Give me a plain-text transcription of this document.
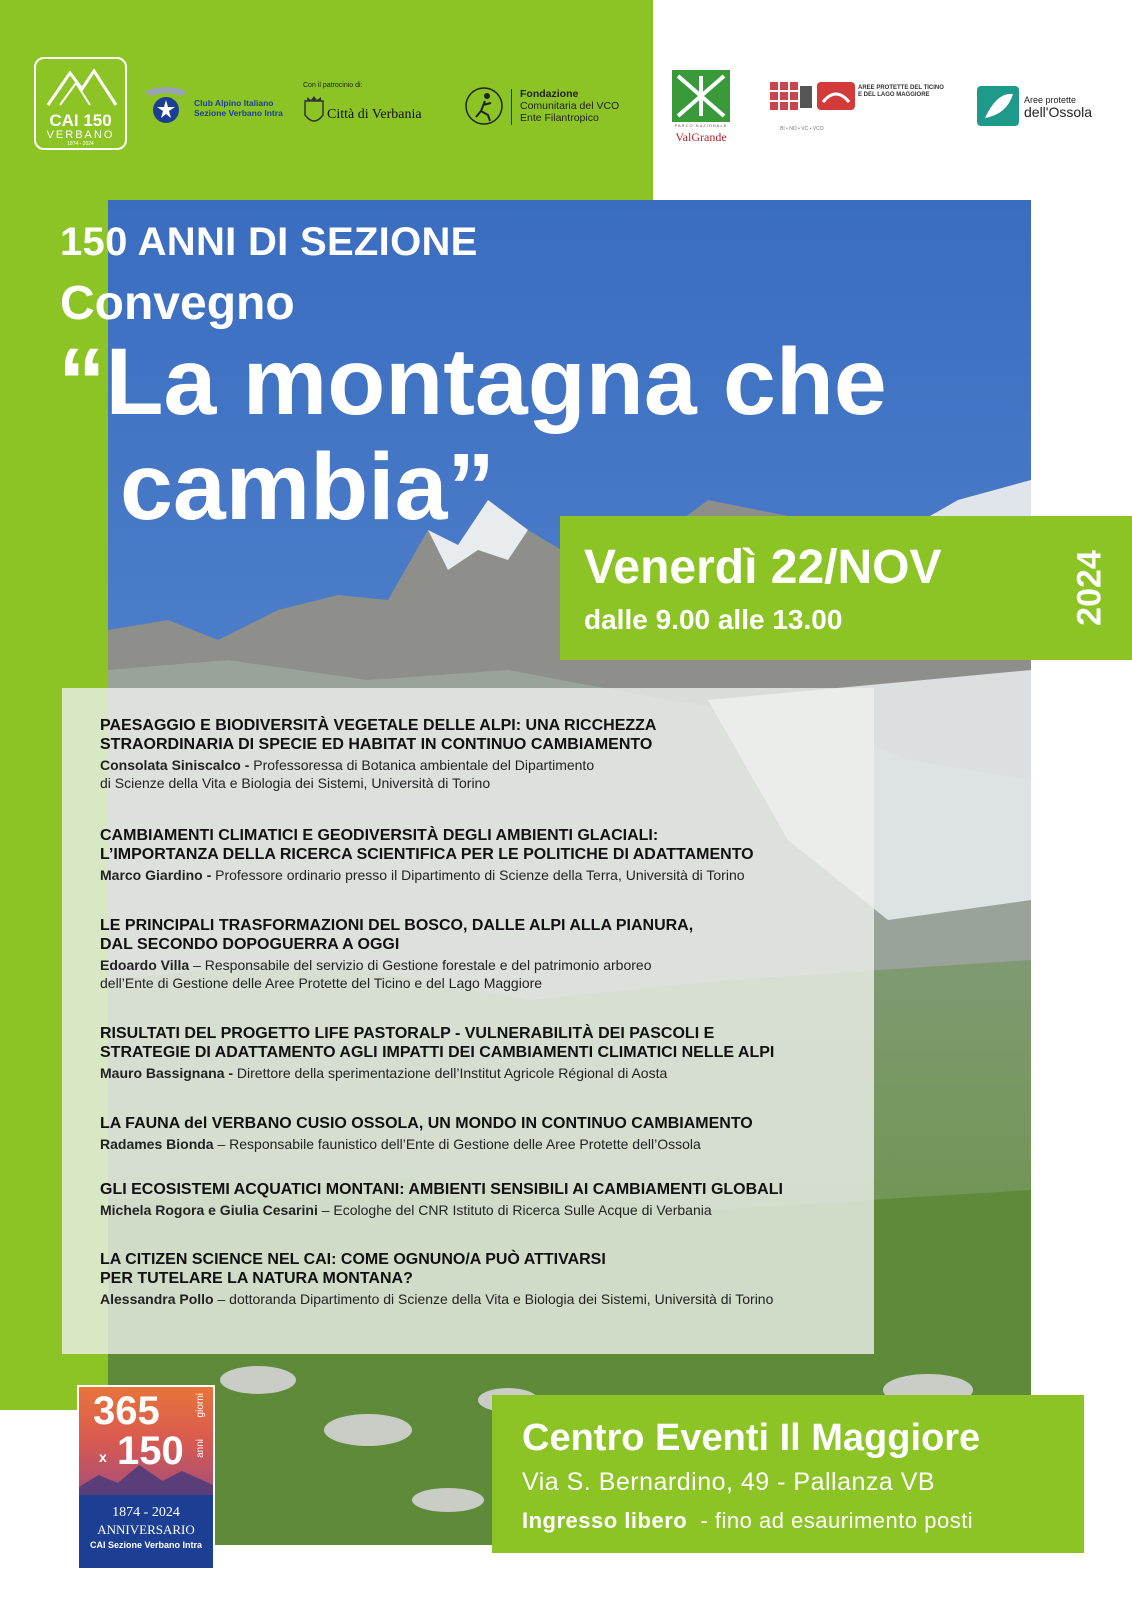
CAI 150
VERBANO
1874 - 2024
Club Alpino Italiano
Sezione Verbano Intra
Con il patrocinio di:
Città di Verbania
Fondazione
Comunitaria del VCO
Ente Filantropico
PARCO NAZIONALE
ValGrande
AREE PROTETTE DEL TICINO
E DEL LAGO MAGGIORE
BI • NO • VC • VCO
Aree protette
dell'Ossola
150 ANNI DI SEZIONE
Convegno
“La montagna che
cambia”
Venerdì 22/NOV
dalle 9.00 alle 13.00	2024
PAESAGGIO E BIODIVERSITÀ VEGETALE DELLE ALPI: UNA RICCHEZZA
STRAORDINARIA DI SPECIE ED HABITAT IN CONTINUO CAMBIAMENTO
Consolata Siniscalco - Professoressa di Botanica ambientale del Dipartimento
di Scienze della Vita e Biologia dei Sistemi, Università di Torino
CAMBIAMENTI CLIMATICI E GEODIVERSITÀ DEGLI AMBIENTI GLACIALI:
L’IMPORTANZA DELLA RICERCA SCIENTIFICA PER LE POLITICHE DI ADATTAMENTO
Marco Giardino - Professore ordinario presso il Dipartimento di Scienze della Terra, Università di Torino
LE PRINCIPALI TRASFORMAZIONI DEL BOSCO, DALLE ALPI ALLA PIANURA,
DAL SECONDO DOPOGUERRA A OGGI
Edoardo Villa – Responsabile del servizio di Gestione forestale e del patrimonio arboreo
dell’Ente di Gestione delle Aree Protette del Ticino e del Lago Maggiore
RISULTATI DEL PROGETTO LIFE PASTORALP - VULNERABILITÀ DEI PASCOLI E
STRATEGIE DI ADATTAMENTO AGLI IMPATTI DEI CAMBIAMENTI CLIMATICI NELLE ALPI
Mauro Bassignana - Direttore della sperimentazione dell’Institut Agricole Régional di Aosta
LA FAUNA del VERBANO CUSIO OSSOLA, UN MONDO IN CONTINUO CAMBIAMENTO
Radames Bionda – Responsabile faunistico dell’Ente di Gestione delle Aree Protette dell’Ossola
GLI ECOSISTEMI ACQUATICI MONTANI: AMBIENTI SENSIBILI AI CAMBIAMENTI GLOBALI
Michela Rogora e Giulia Cesarini – Ecologhe del CNR Istituto di Ricerca Sulle Acque di Verbania
LA CITIZEN SCIENCE NEL CAI: COME OGNUNO/A PUÒ ATTIVARSI
PER TUTELARE LA NATURA MONTANA?
Alessandra Pollo – dottoranda Dipartimento di Scienze della Vita e Biologia dei Sistemi, Università di Torino
365	giorni
x 150 anni
1874 - 2024
ANNIVERSARIO
CAI Sezione Verbano Intra
Centro Eventi Il Maggiore
Via S. Bernardino, 49 - Pallanza VB
Ingresso libero  - fino ad esaurimento posti
